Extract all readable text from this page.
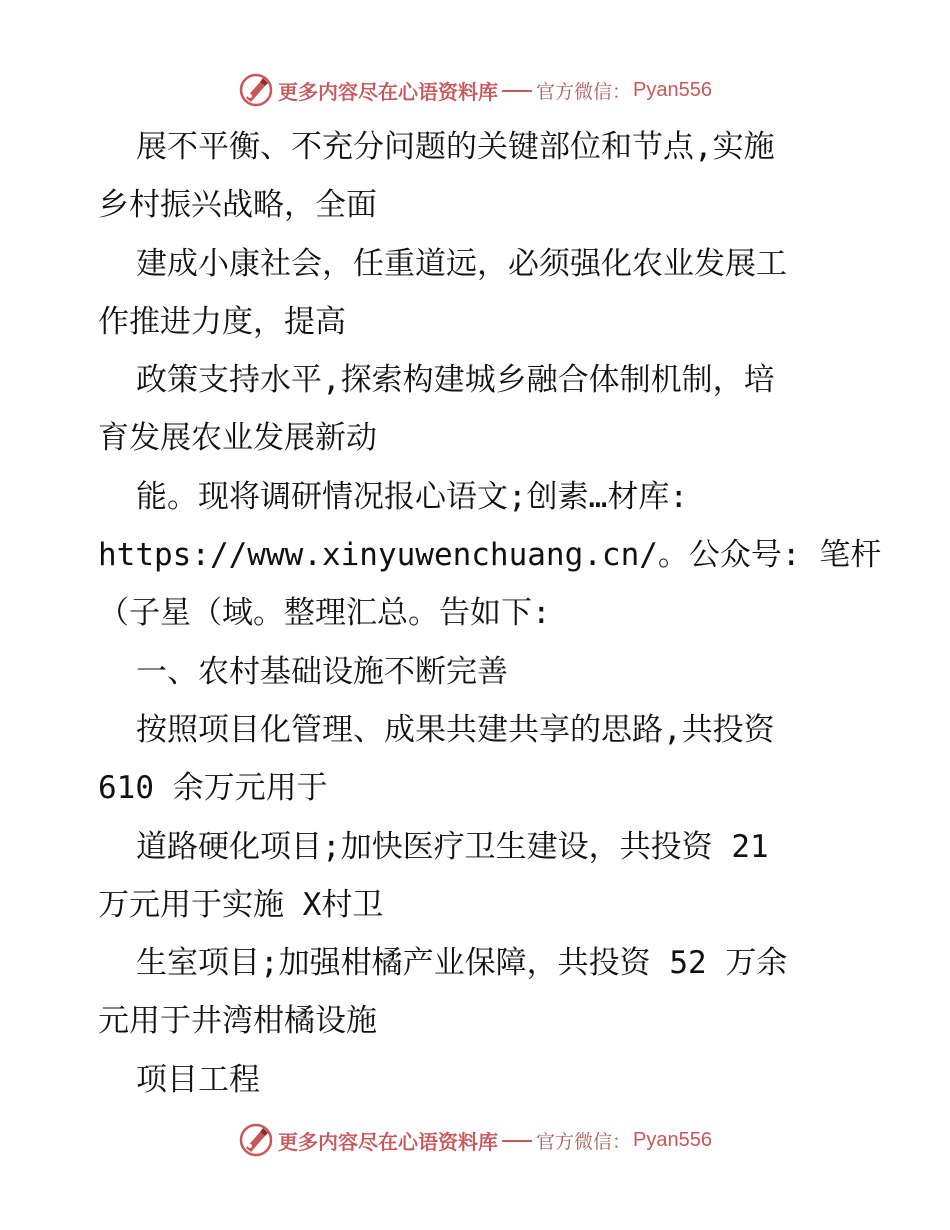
更多内容尽在心语资料库 官方微信： Pyan556
展不平衡、不充分问题的关键部位和节点,实施
乡村振兴战略，全面
建成小康社会，任重道远，必须强化农业发展工
作推进力度，提高
政策支持水平,探索构建城乡融合体制机制，培
育发展农业发展新动
能。现将调研情况报心语文;创素…材库:
https://www.xinyuwenchuang.cn/。公众号: 笔杆
（子星（域。整理汇总。告如下:
一、农村基础设施不断完善
按照项目化管理、成果共建共享的思路,共投资
610 余万元用于
道路硬化项目;加快医疗卫生建设，共投资 21
万元用于实施 X村卫
生室项目;加强柑橘产业保障，共投资 52 万余
元用于井湾柑橘设施
项目工程
更多内容尽在心语资料库 官方微信： Pyan556
